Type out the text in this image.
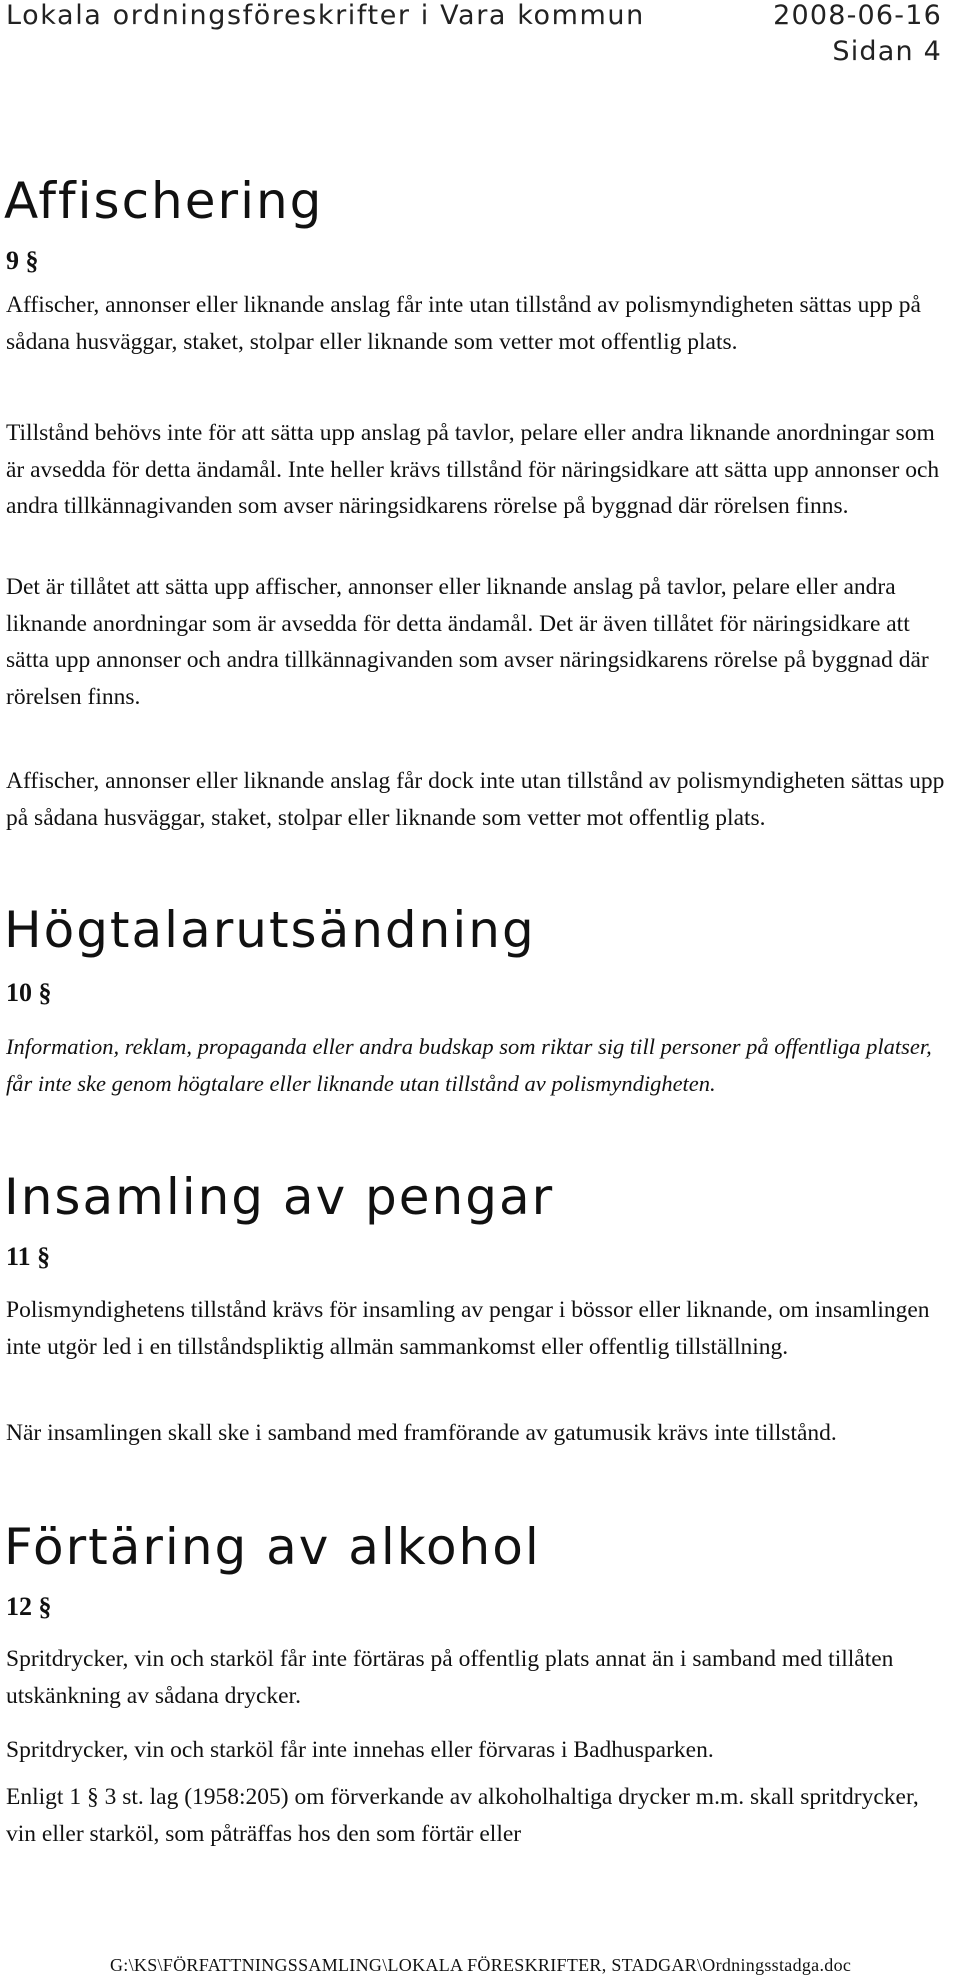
Lokala ordningsföreskrifter i Vara kommun	2008-06-16
Sidan 4
Affischering
9 §

Affischer, annonser eller liknande anslag får inte utan tillstånd av polismyndigheten sättas upp på sådana husväggar, staket, stolpar eller liknande som vetter mot offentlig plats.

Tillstånd behövs inte för att sätta upp anslag på tavlor, pelare eller andra liknande anordningar som är avsedda för detta ändamål. Inte heller krävs tillstånd för näringsidkare att sätta upp annonser och andra tillkännagivanden som avser näringsidkarens rörelse på byggnad där rörelsen finns.

Det är tillåtet att sätta upp affischer, annonser eller liknande anslag på tavlor, pelare eller andra liknande anordningar som är avsedda för detta ändamål. Det är även tillåtet för näringsidkare att sätta upp annonser och andra tillkännagivanden som avser näringsidkarens rörelse på byggnad där rörelsen finns.

Affischer, annonser eller liknande anslag får dock inte utan tillstånd av polismyndigheten sättas upp på sådana husväggar, staket, stolpar eller liknande som vetter mot offentlig plats.

Högtalarutsändning
10 §

Information, reklam, propaganda eller andra budskap som riktar sig till personer på offentliga platser, får inte ske genom högtalare eller liknande utan tillstånd av polismyndigheten.

Insamling av pengar
11 §

Polismyndighetens tillstånd krävs för insamling av pengar i bössor eller liknande, om insamlingen inte utgör led i en tillståndspliktig allmän sammankomst eller offentlig tillställning.

När insamlingen skall ske i samband med framförande av gatumusik krävs inte tillstånd.

Förtäring av alkohol
12 §

Spritdrycker, vin och starköl får inte förtäras på offentlig plats annat än i samband med tillåten utskänkning av sådana drycker.

Spritdrycker, vin och starköl får inte innehas eller förvaras i Badhusparken.

Enligt 1 § 3 st. lag (1958:205) om förverkande av alkoholhaltiga drycker m.m. skall spritdrycker, vin eller starköl, som påträffas hos den som förtär eller

G:\KS\FÖRFATTNINGSSAMLING\LOKALA FÖRESKRIFTER, STADGAR\Ordningsstadga.doc
